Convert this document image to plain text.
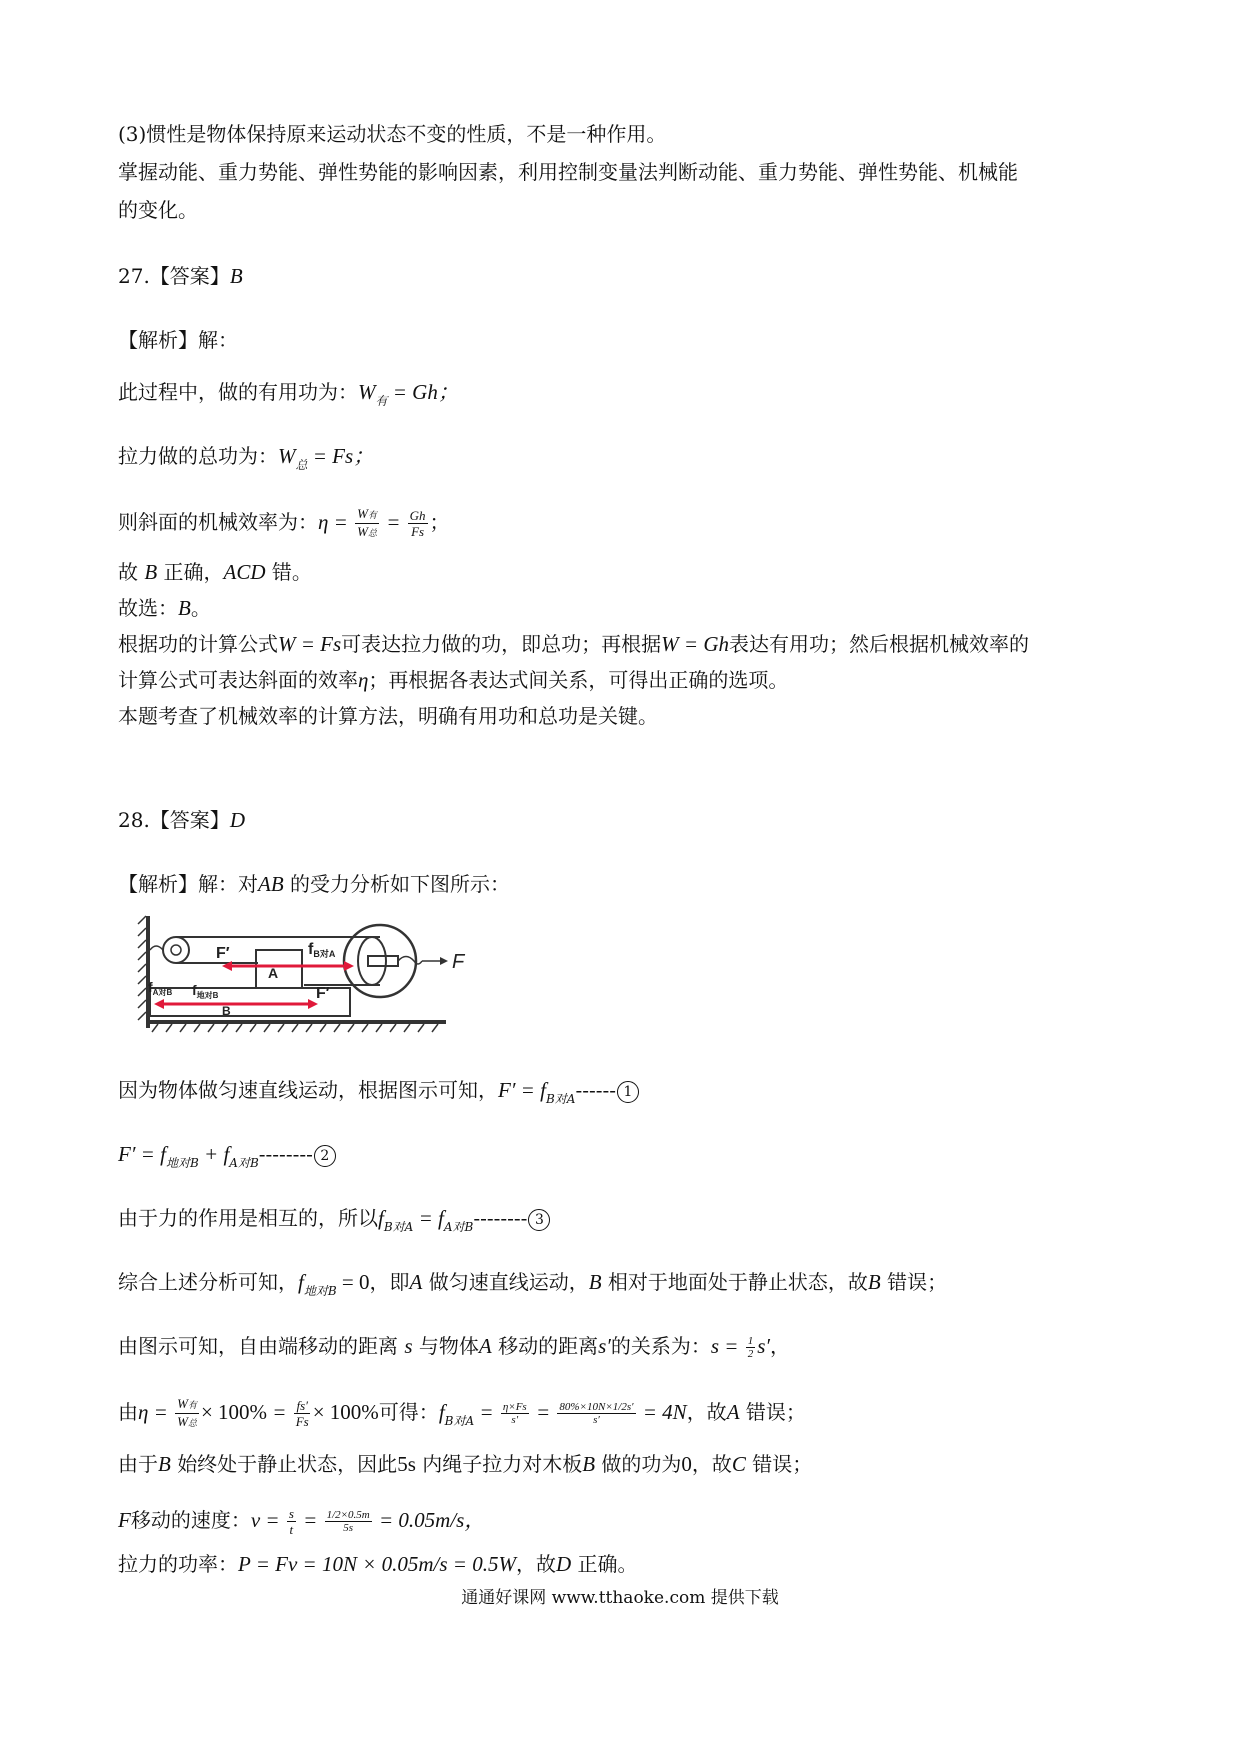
(3)惯性是物体保持原来运动状态不变的性质，不是一种作用。
掌握动能、重力势能、弹性势能的影响因素，利用控制变量法判断动能、重力势能、弹性势能、机械能
的变化。
27.【答案】B
【解析】解：
此过程中，做的有用功为：$W_有 = Gh$；
拉力做的总功为：$W_总 = Fs$；
则斜面的机械效率为：$\eta = \frac{\text{W有}}{\text{W总}} = \frac{Gh}{Fs}$ ；
故 B 正确，ACD 错。
故选：B。
根据功的计算公式W = Fs可表达拉力做的功，即总功；再根据W = Gh表达有用功；然后根据机械效率的
计算公式可表达斜面的效率η；再根据各表达式间关系，可得出正确的选项。
本题考查了机械效率的计算方法，明确有用功和总功是关键。
28.【答案】D
【解析】解：对AB 的受力分析如下图所示：
A
B
F
F′
F′
fB对A
$f_{A对B}$ $f_{地对B}$
因为物体做匀速直线运动，根据图示可知，$F' = f_{B对A}------$ 1
$F' = f_{地对B} + f_{A对B}--------$ 2
由于力的作用是相互的，所以$f_{B对A} = f_{A对B}--------$ 3
综合上述分析可知，$f_{地对B} = 0$，即A 做匀速直线运动，B 相对于地面处于静止状态，故B 错误；
由图示可知，自由端移动的距离 s 与物体A 移动的距离s′的关系为：$s = \frac{1}{2} s'$，
由$\eta = \frac{\text{W有}}{\text{W总}} \times 100\% = \frac{fs'}{Fs} \times 100\%$可得：$f_{B对A} = \frac{\eta\times Fs}{s'} = \frac{80\%\times 10N\times 1/2s'}{s'} = 4N$，故A 错误；
由于B 始终处于静止状态，因此5s 内绳子拉力对木板B 做的功为0，故C 错误；
F移动的速度：$v = \frac{s}{t} = \frac{1/2\times 0.5m}{5s} = 0.05m/s$，
拉力的功率：P = Fv = 10N × 0.05m/s = 0.5W，故D 正确。
通通好课网 www.tthaoke.com 提供下载
